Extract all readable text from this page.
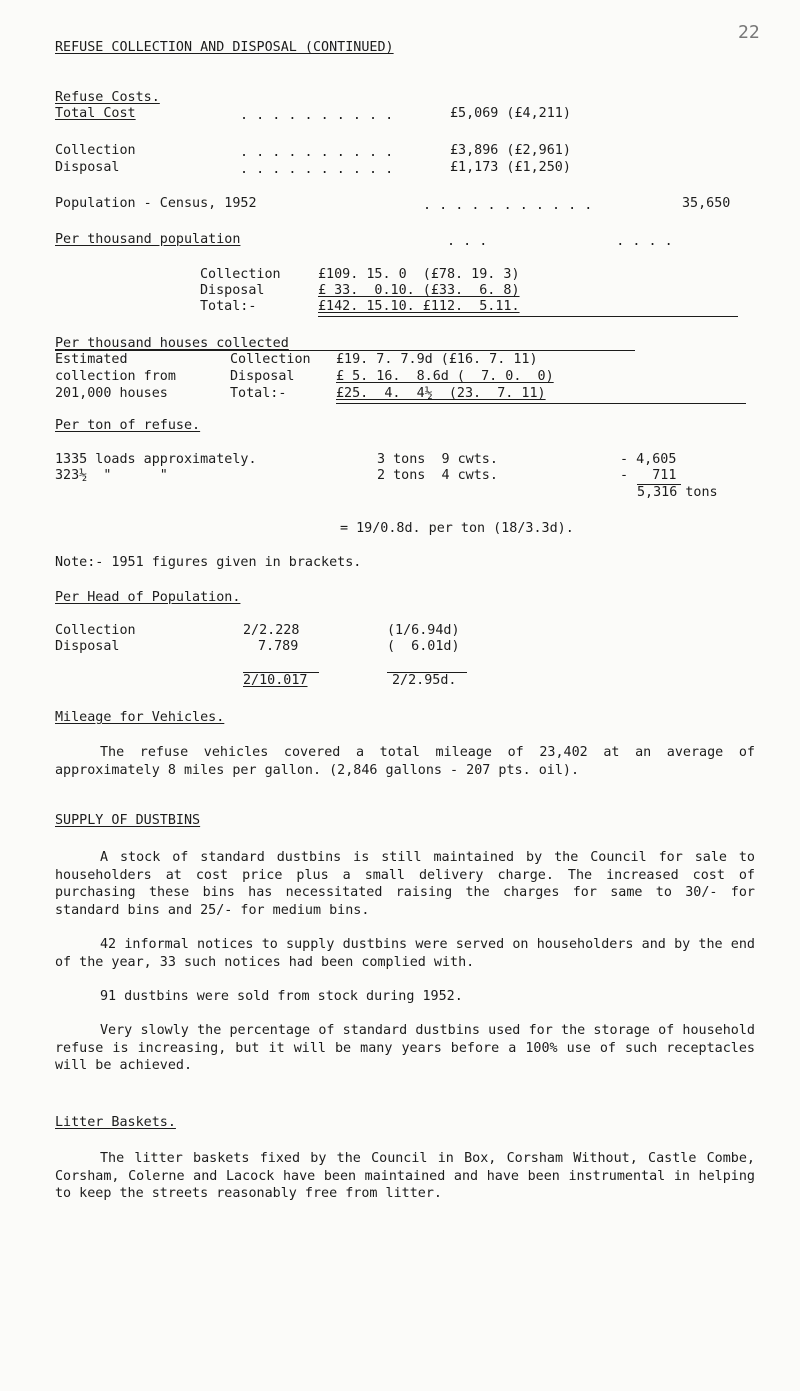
22
REFUSE COLLECTION AND DISPOSAL (CONTINUED)
Refuse Costs.
Total Cost	. . . . . . . . . .	£5,069 (£4,211)
Collection	. . . . . . . . . .	£3,896 (£2,961)
Disposal	. . . . . . . . . .	£1,173 (£1,250)
Population - Census, 1952	. . . . . . . . . . .	35,650
Per thousand population	. . .                . . . .
Collection	£109. 15. 0  (£78. 19. 3)
Disposal	£ 33.  0.10. (£33.  6. 8)
Total:-	£142. 15.10. £112.  5.11.
Per thousand houses collected
Estimated
collection from
201,000 houses
Collection £19. 7. 7.9d (£16. 7. 11)
Disposal	£ 5. 16.  8.6d (  7. 0.  0)
Total:-	£25.  4.  4½  (23.  7. 11)
Per ton of refuse.
1335 loads approximately.	3 tons  9 cwts.	- 4,605
323½  "      "	2 tons  4 cwts.	-   711
5,316 tons
= 19/0.8d. per ton (18/3.3d).
Note:- 1951 figures given in brackets.
Per Head of Population.
Collection	2/2.228	(1/6.94d)
Disposal	7.789	(  6.01d)
2/10.017	2/2.95d.
Mileage for Vehicles.
The refuse vehicles covered a total mileage of 23,402 at an average of approximately 8 miles per gallon. (2,846 gallons - 207 pts. oil).
SUPPLY OF DUSTBINS
A stock of standard dustbins is still maintained by the Council for sale to householders at cost price plus a small delivery charge. The increased cost of purchasing these bins has necessitated raising the charges for same to 30/- for standard bins and 25/- for medium bins.
42 informal notices to supply dustbins were served on householders and by the end of the year, 33 such notices had been complied with.
91 dustbins were sold from stock during 1952.
Very slowly the percentage of standard dustbins used for the storage of household refuse is increasing, but it will be many years before a 100% use of such receptacles will be achieved.
Litter Baskets.
The litter baskets fixed by the Council in Box, Corsham Without, Castle Combe, Corsham, Colerne and Lacock have been maintained and have been instrumental in helping to keep the streets reasonably free from litter.
